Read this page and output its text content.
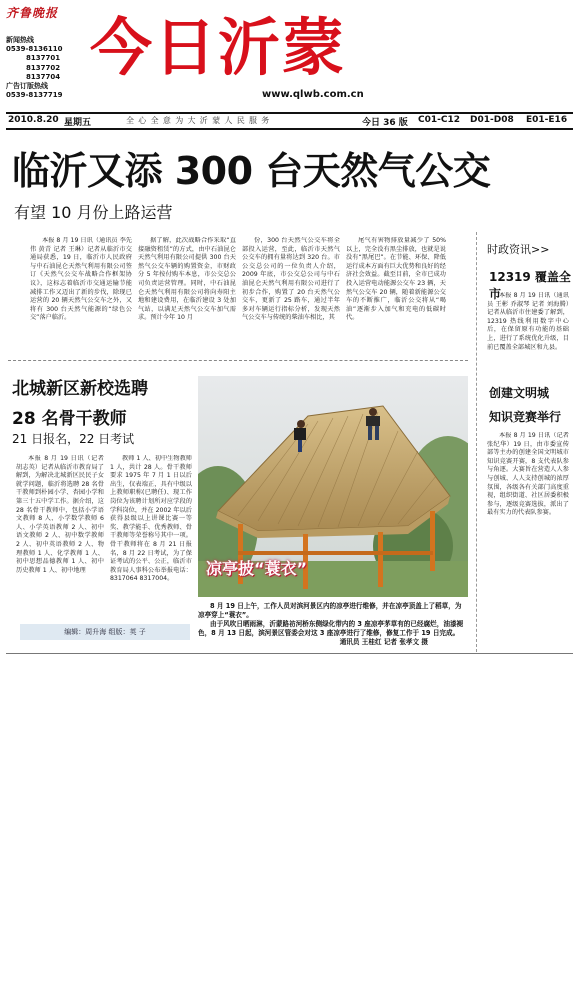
齐鲁晚报
新闻热线
0539-8136110
8137701
8137702
8137704
广告订版热线
0539-8137719
今日沂蒙
www.qlwb.com.cn
2010.8.20 星期五	全心全意为大沂蒙人民服务	今日 36 版 C01-C12 D01-D08 E01-E16
临沂又添 300 台天然气公交
有望 10 月份上路运营

本报 8 月 19 日讯（通讯员 李先伟 黄青 记者 王琳）记者从临沂市交通局获悉，19 日，临沂市人民政府与中石油昆仑天然气利用有限公司签订《天然气公交车战略合作框架协议》，这标志着临沂市交通运输节能减排工作又迈出了新的步伐，除现已运营的 20 辆天然气公交车之外，又将有 300 台天然气能源的“绿色公交”落户临沂。

据了解，此次战略合作采取“直接融资租赁”的方式，由中石油昆仑天然气利用有限公司提供 300 台天然气公交车辆的购置资金，市财政分 5 年按付购车本息，市公交总公司负责运营管理。同时，中石油昆仑天然气利用有限公司将向寿阳主地和建设费用，在临沂建设 3 处加气站，以满足天然气公交车加气需求。预计今年 10 月

份，300 台天然气公交车将全部投入运营，至此，临沂市天然气公交车的拥有量将达到 320 台。市公交总公司的一位负责人介绍，2009 年底，市公交总公司与中石油昆仑天然气利用有限公司进行了初步合作，购置了 20 台天然气公交车，更新了 25 路车，通过半年多对车辆运行指标分析，发现天然气公交车与传统的柴油车相比，其

尾气有害物排放量减少了 50% 以上，完全没有黑尘排放，也就是说没有“黑尾巴”。在节能、环保、降低运行成本方面有巨大优势和良好的经济社会效益。截至目前，全市已成功投入运营电动能源公交车 23 辆，天然气公交车 20 辆，随着新能源公交车的不断推广，临沂公交将从“喝油”逐渐步入加气和充电的低碳时代。

时政资讯>>
12319 覆盖全市

本报 8 月 19 日讯（通讯员 王彬 乔淑琴 记者 刘海腾）记者从临沂市住建委了解到，12319 热线利用数字中心后，在保留原有功能的基础上，进行了系统优化升级，目前已覆盖全部城区和九县。

创建文明城
知识竞赛举行

本报 8 月 19 日讯（记者 张纪华）19 日，由市委宣传部等主办的创建全国文明城市知识竞赛开赛，8 支代表队参与角逐。大赛旨在营造人人参与创城、人人支持创城的浓厚氛围，各级各有关部门高度重视，组织街道、社区居委积极参与，逐级竞赛选拔，派出了最有实力的代表队参赛。

北城新区新校选聘
28 名骨干教师
21 日报名，22 日考试

本报 8 月 19 日讯（记者 胡志英）记者从临沂市教育局了解到，为解决北城新区民民子女就学问题，临沂将选聘 28 名骨干教师到朴园小学、杏园小学和第三十五中学工作。据介绍，这 28 名骨干教师中，包括小学语文教师 8 人、小学数学教师 6 人、小学英语教师 2 人、初中语文教师 2 人、初中数学教师 2 人、初中英语教师 2 人、物理教师 1 人、化学教师 1 人、初中思想品德教师 1 人、初中历史教师 1 人、初中地理

教师 1 人、初中生物教师 1 人，共计 28 人。骨干教师要求 1975 年 7 月 1 日以后出生，仅表端正，具有中级以上教师职称(已聘任)、现工作岗位为该聘计划所对应学段的学科岗位，并在 2002 年以后获得县级以上讲课比赛一等奖、教学能手、优秀教师、骨干教师等荣誉称号其中一项。骨干教师将在 8 月 21 日报名，8 月 22 日考试，为了保证考试的公平、公正，临沂市教育局人事科公布举报电话：8317064 8317004。

编辑：周升海 组版：英 子
凉亭披“蓑衣”

8 月 19 日上午，工作人员对滨河景区内的凉亭进行维修，并在凉亭顶盖上了稻草，为凉亭穿上“蓑衣”。

由于风吹日晒雨淋，沂蒙路祊河桥东侧绿化带内的 3 座凉亭茅草有的已经腐烂，油漆褪色，8 月 13 日起，滨河景区管委会对这 3 座凉亭进行了维修，修复工作于 19 日完成。

通讯员 王桂红 记者 张孝文 摄
